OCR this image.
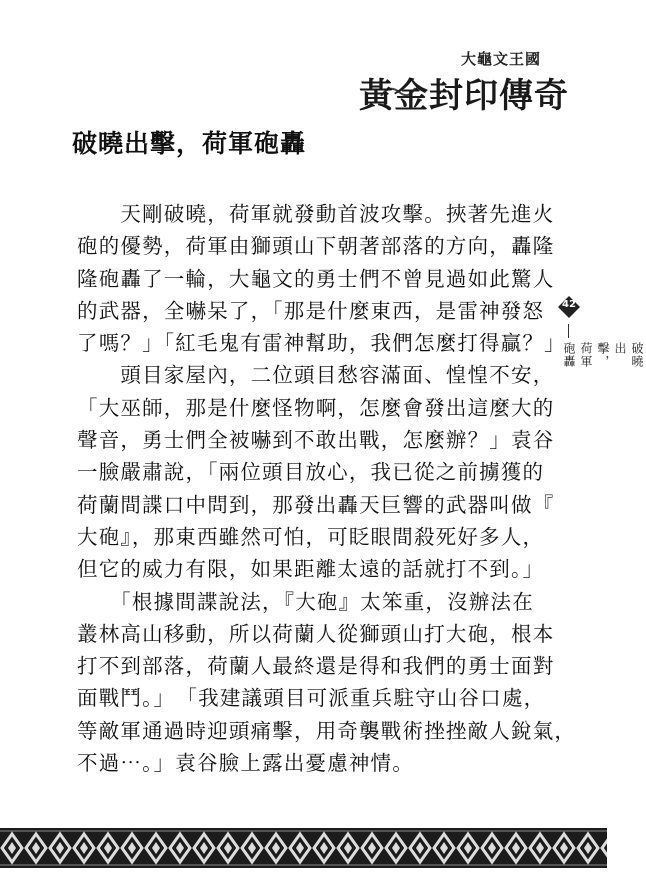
大龜文王國
黃金封印傳奇
破曉出擊，荷軍砲轟
　　天剛破曉，荷軍就發動首波攻擊。挾著先進火
砲的優勢，荷軍由獅頭山下朝著部落的方向，轟隆
隆砲轟了一輪，大龜文的勇士們不曾見過如此驚人
的武器，全嚇呆了，「那是什麼東西，是雷神發怒
了嗎？」「紅毛鬼有雷神幫助，我們怎麼打得贏？」
　　頭目家屋內，二位頭目愁容滿面、惶惶不安，
「大巫師，那是什麼怪物啊，怎麼會發出這麼大的
聲音，勇士們全被嚇到不敢出戰，怎麼辦？」袁谷
一臉嚴肅說，「兩位頭目放心，我已從之前擄獲的
荷蘭間諜口中問到，那發出轟天巨響的武器叫做『
大砲』，那東西雖然可怕，可眨眼間殺死好多人，
但它的威力有限，如果距離太遠的話就打不到。」
　　「根據間諜說法，『大砲』太笨重，沒辦法在
叢林高山移動，所以荷蘭人從獅頭山打大砲，根本
打不到部落，荷蘭人最終還是得和我們的勇士面對
面戰鬥。」　「我建議頭目可派重兵駐守山谷口處，
等敵軍通過時迎頭痛擊，用奇襲戰術挫挫敵人銳氣，
不過⋯。」袁谷臉上露出憂慮神情。
42
破曉出擊，荷軍砲轟
